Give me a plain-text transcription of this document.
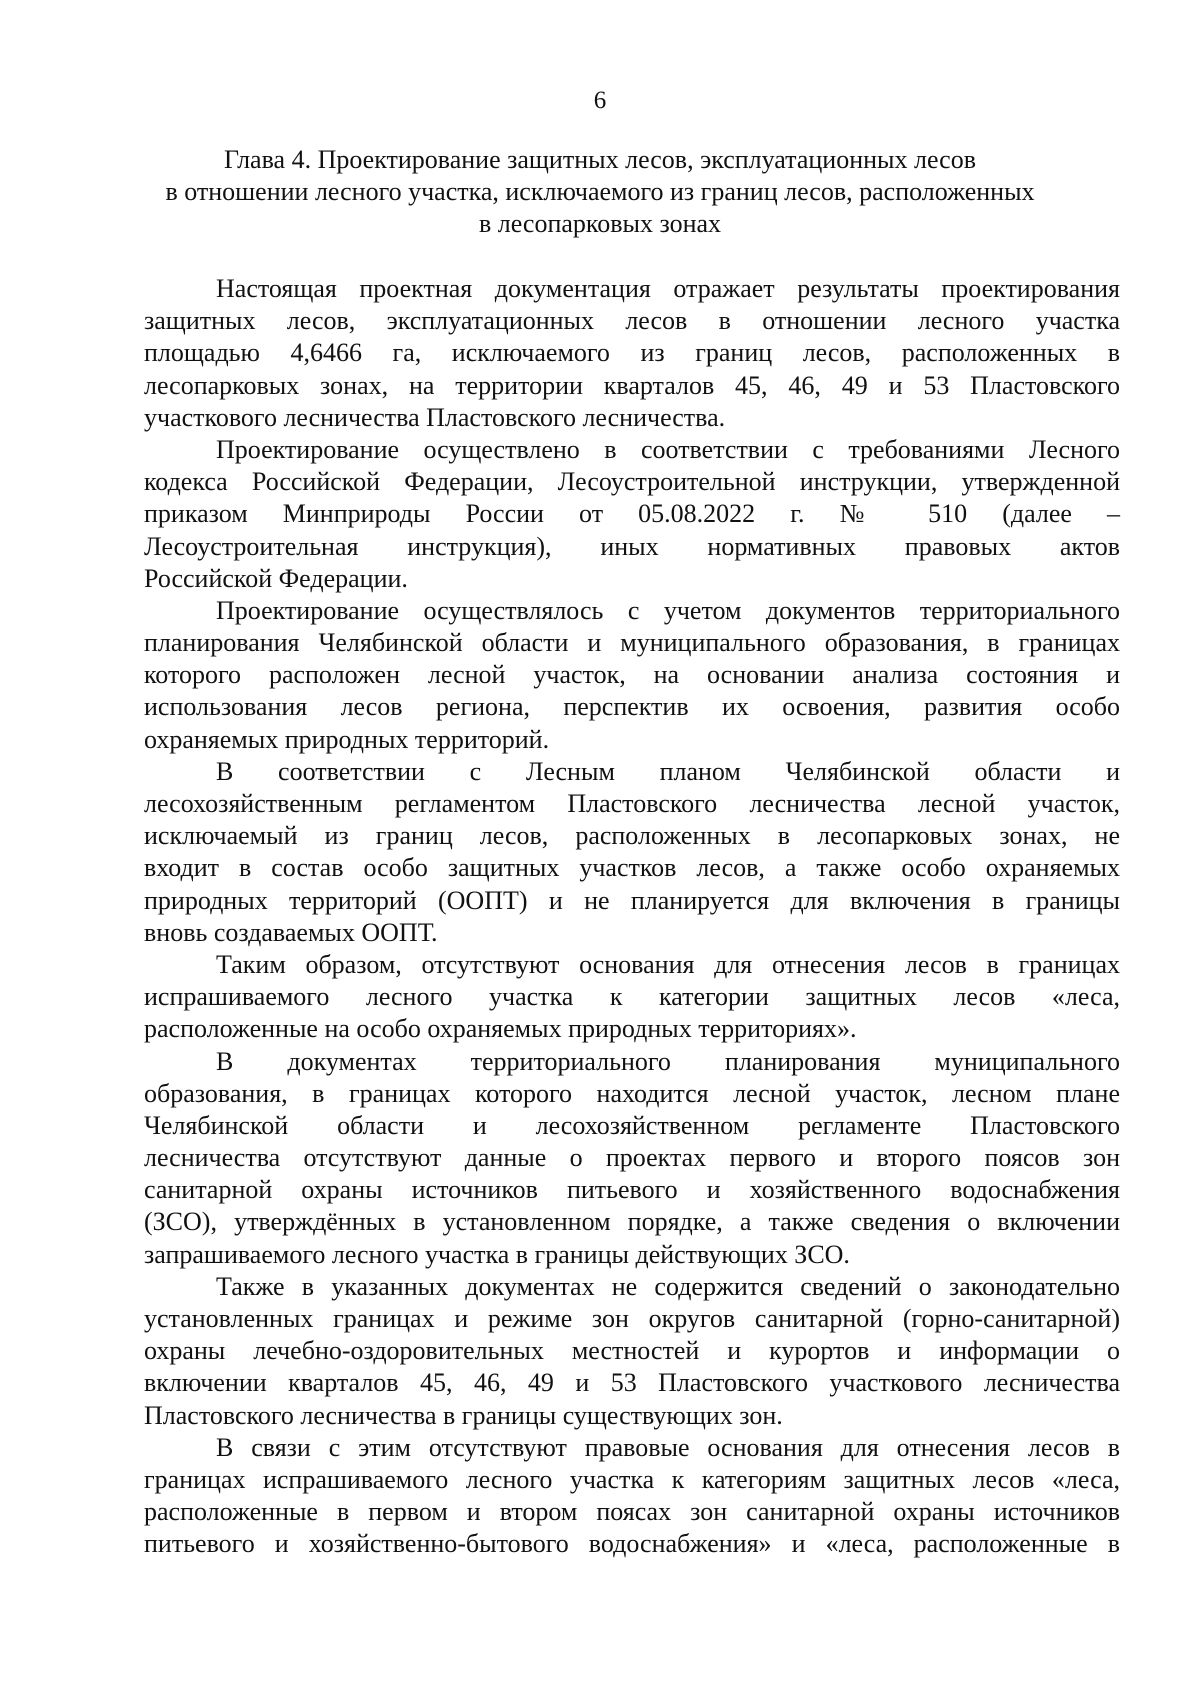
6
Глава 4. Проектирование защитных лесов, эксплуатационных лесов
в отношении лесного участка, исключаемого из границ лесов, расположенных
в лесопарковых зонах
Настоящая проектная документация отражает результаты проектирования
защитных лесов, эксплуатационных лесов в отношении лесного участка
площадью 4,6466 га, исключаемого из границ лесов, расположенных в
лесопарковых зонах, на территории кварталов 45, 46, 49 и 53 Пластовского
участкового лесничества Пластовского лесничества.
Проектирование осуществлено в соответствии с требованиями Лесного
кодекса Российской Федерации, Лесоустроительной инструкции, утвержденной
приказом Минприроды России от 05.08.2022 г. № 510 (далее –
Лесоустроительная инструкция), иных нормативных правовых актов
Российской Федерации.
Проектирование осуществлялось с учетом документов территориального
планирования Челябинской области и муниципального образования, в границах
которого расположен лесной участок, на основании анализа состояния и
использования лесов региона, перспектив их освоения, развития особо
охраняемых природных территорий.
В соответствии с Лесным планом Челябинской области и
лесохозяйственным регламентом Пластовского лесничества лесной участок,
исключаемый из границ лесов, расположенных в лесопарковых зонах, не
входит в состав особо защитных участков лесов, а также особо охраняемых
природных территорий (ООПТ) и не планируется для включения в границы
вновь создаваемых ООПТ.
Таким образом, отсутствуют основания для отнесения лесов в границах
испрашиваемого лесного участка к категории защитных лесов «леса,
расположенные на особо охраняемых природных территориях».
В документах территориального планирования муниципального
образования, в границах которого находится лесной участок, лесном плане
Челябинской области и лесохозяйственном регламенте Пластовского
лесничества отсутствуют данные о проектах первого и второго поясов зон
санитарной охраны источников питьевого и хозяйственного водоснабжения
(ЗСО), утверждённых в установленном порядке, а также сведения о включении
запрашиваемого лесного участка в границы действующих ЗСО.
Также в указанных документах не содержится сведений о законодательно
установленных границах и режиме зон округов санитарной (горно-санитарной)
охраны лечебно-оздоровительных местностей и курортов и информации о
включении кварталов 45, 46, 49 и 53 Пластовского участкового лесничества
Пластовского лесничества в границы существующих зон.
В связи с этим отсутствуют правовые основания для отнесения лесов в
границах испрашиваемого лесного участка к категориям защитных лесов «леса,
расположенные в первом и втором поясах зон санитарной охраны источников
питьевого и хозяйственно-бытового водоснабжения» и «леса, расположенные в
